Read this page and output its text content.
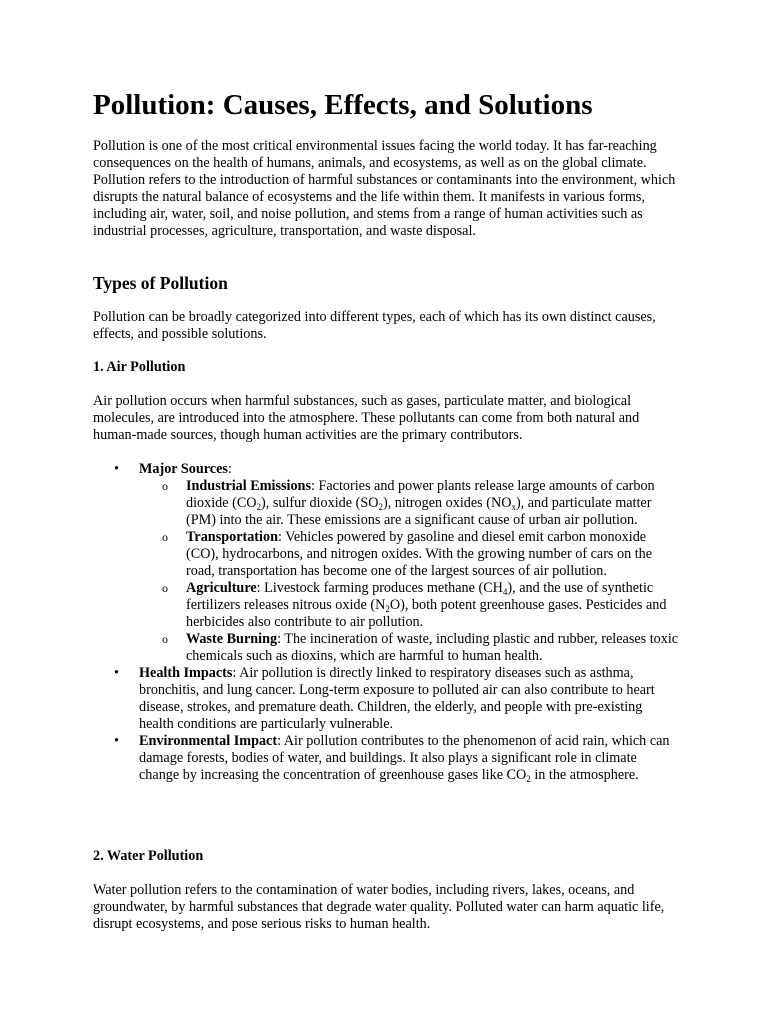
Pollution: Causes, Effects, and Solutions

Pollution is one of the most critical environmental issues facing the world today. It has far-reaching consequences on the health of humans, animals, and ecosystems, as well as on the global climate. Pollution refers to the introduction of harmful substances or contaminants into the environment, which disrupts the natural balance of ecosystems and the life within them. It manifests in various forms, including air, water, soil, and noise pollution, and stems from a range of human activities such as industrial processes, agriculture, transportation, and waste disposal.

Types of Pollution

Pollution can be broadly categorized into different types, each of which has its own distinct causes, effects, and possible solutions.

1. Air Pollution

Air pollution occurs when harmful substances, such as gases, particulate matter, and biological molecules, are introduced into the atmosphere. These pollutants can come from both natural and human-made sources, though human activities are the primary contributors.

• Major Sources:
o Industrial Emissions: Factories and power plants release large amounts of carbon dioxide $(CO_2)$, sulfur dioxide $(SO_2)$, nitrogen oxides $(NO_x)$, and particulate matter (PM) into the air. These emissions are a significant cause of urban air pollution.
o Transportation: Vehicles powered by gasoline and diesel emit carbon monoxide (CO), hydrocarbons, and nitrogen oxides. With the growing number of cars on the road, transportation has become one of the largest sources of air pollution.
o Agriculture: Livestock farming produces methane $(CH_4)$, and the use of synthetic fertilizers releases nitrous oxide $(N_2O)$, both potent greenhouse gases. Pesticides and herbicides also contribute to air pollution.
o Waste Burning: The incineration of waste, including plastic and rubber, releases toxic chemicals such as dioxins, which are harmful to human health.
• Health Impacts: Air pollution is directly linked to respiratory diseases such as asthma, bronchitis, and lung cancer. Long-term exposure to polluted air can also contribute to heart disease, strokes, and premature death. Children, the elderly, and people with pre-existing health conditions are particularly vulnerable.
• Environmental Impact: Air pollution contributes to the phenomenon of acid rain, which can damage forests, bodies of water, and buildings. It also plays a significant role in climate change by increasing the concentration of greenhouse gases like $CO_2$ in the atmosphere.
2. Water Pollution

Water pollution refers to the contamination of water bodies, including rivers, lakes, oceans, and groundwater, by harmful substances that degrade water quality. Polluted water can harm aquatic life, disrupt ecosystems, and pose serious risks to human health.
